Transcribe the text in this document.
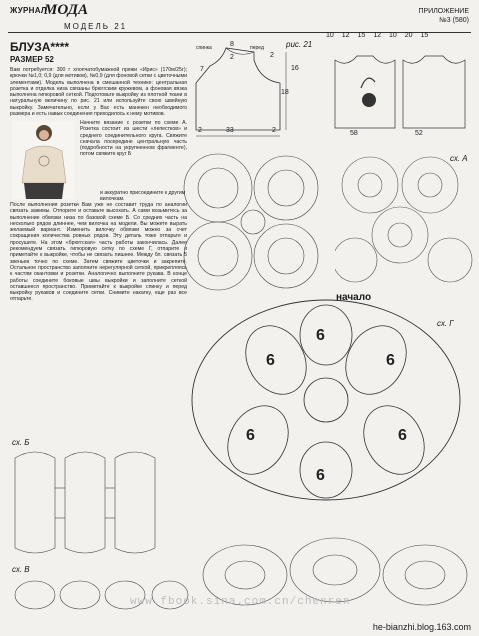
ЖУРНАЛ
МОДА
МОДЕЛЬ 21
ПРИЛОЖЕНИЕ
№3 (580)
БЛУЗА****
РАЗМЕР 52
Вам потребуется: 300 г хлопчатобумажной пряжи «Ирис» (170м/25г); крючки №1,0; 0,9 (для мотивов), №0,9 (для фоновой сетки с цветочными элементами). Модель выполнена в смешанной технике: центральная розетка и отделка низа связаны брюггским кружевом, а фоновая вязка выполнена гипюровой сеткой. Подготовьте выкройку из плотной ткани в натуральную величину по рис. 21 или используйте свою швейную выкройку. Замечательно, если у Вас есть манекен необходимого размера и есть навык соединения приходилось к нему мотивов.
Начните вязание с розетки по схеме А. Розетка состоит из шести «лепестков» и среднего соединительного круга. Свяжите сначала посередине центральную часть (подробности на укрупненном фрагменте), потом свяжите круг Б
и аккуратно присоедините к другим вилочкам.
После выполнения розетки Вам уже не составит труда по аналогии связать зажимы. Отпорите и оставьте высохать. А сами возьмитесь за выполнение обвязки низа по базовой схеме Б. Со средних часть на несколько рядов длиннее, чем вилочка на модели. Вы можете вырать желаемый вариант. Изменить вилочку обвязки можно за счет сокращения количества ровных рядов. Эту деталь тоже отпарьте и просушите. На этом «брюггская» часть работы закончилась. Далее рекомендуем связать гипюровую сетку по схеме Г, отпарите и приметайте к выкройке, чтобы не связать лишнее. Между бл. связать 5 звеньев точно по схеме. Затем свяжите цветочки и закрепите. Остальное пространство заполните нерегулярной сеткой, прикрепляясь к частям окантовки и розетки. Аналогично выполните рукава. В конце работы соедините боковые швы выкройки и заполните сеткой оставшееся пространство. Приметайте к выкройке спинку и перед выкройку рукавов и соедините сетки. Снимите накатку, еще раз все отпарьте.
рис. 21
спинка	перед
8
2	2
7	16
18
2	33	2
10 12 15 12 10 20 15
58	52
сх. А
6
6	6
6	6
6
сх. Г
начало
сх. Б
сх. В
www.fbook.sina.com.cn/chenren
he-bianzhi.blog.163.com
